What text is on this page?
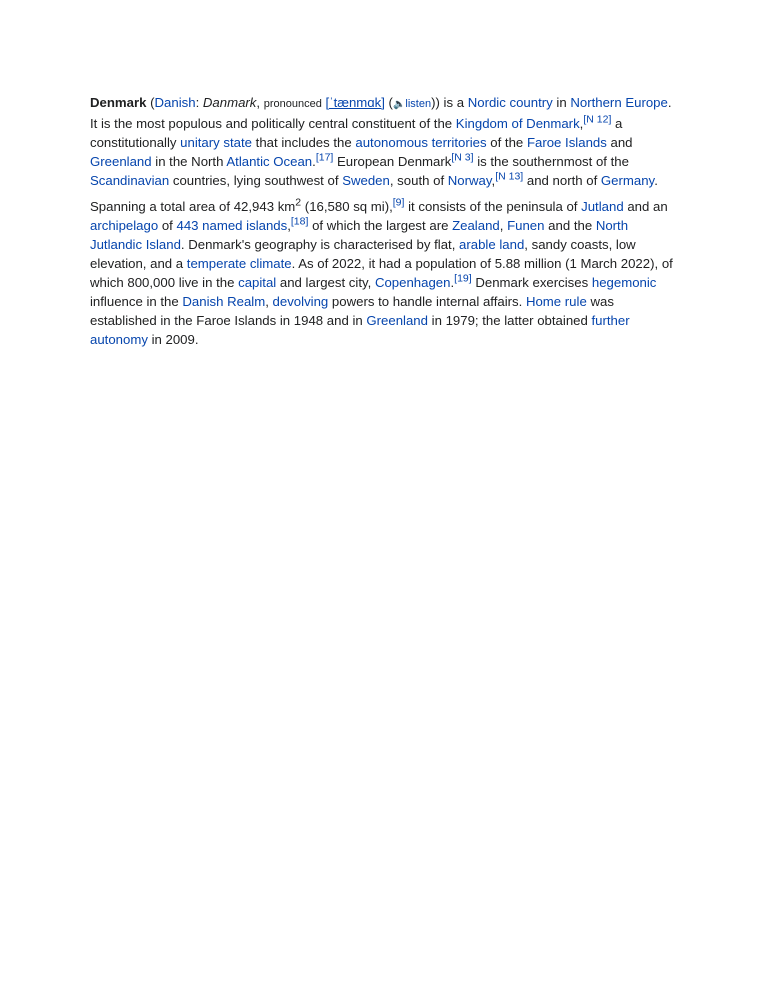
Denmark (Danish: Danmark, pronounced [ˈtænmɑk] (🔈listen)) is a Nordic country in Northern Europe. It is the most populous and politically central constituent of the Kingdom of Denmark,[N 12] a constitutionally unitary state that includes the autonomous territories of the Faroe Islands and Greenland in the North Atlantic Ocean.[17] European Denmark[N 3] is the southernmost of the Scandinavian countries, lying southwest of Sweden, south of Norway,[N 13] and north of Germany.

Spanning a total area of 42,943 $km^2$ (16,580 sq mi),[9] it consists of the peninsula of Jutland and an archipelago of 443 named islands,[18] of which the largest are Zealand, Funen and the North Jutlandic Island. Denmark's geography is characterised by flat, arable land, sandy coasts, low elevation, and a temperate climate. As of 2022, it had a population of 5.88 million (1 March 2022), of which 800,000 live in the capital and largest city, Copenhagen.[19] Denmark exercises hegemonic influence in the Danish Realm, devolving powers to handle internal affairs. Home rule was established in the Faroe Islands in 1948 and in Greenland in 1979; the latter obtained further autonomy in 2009.
